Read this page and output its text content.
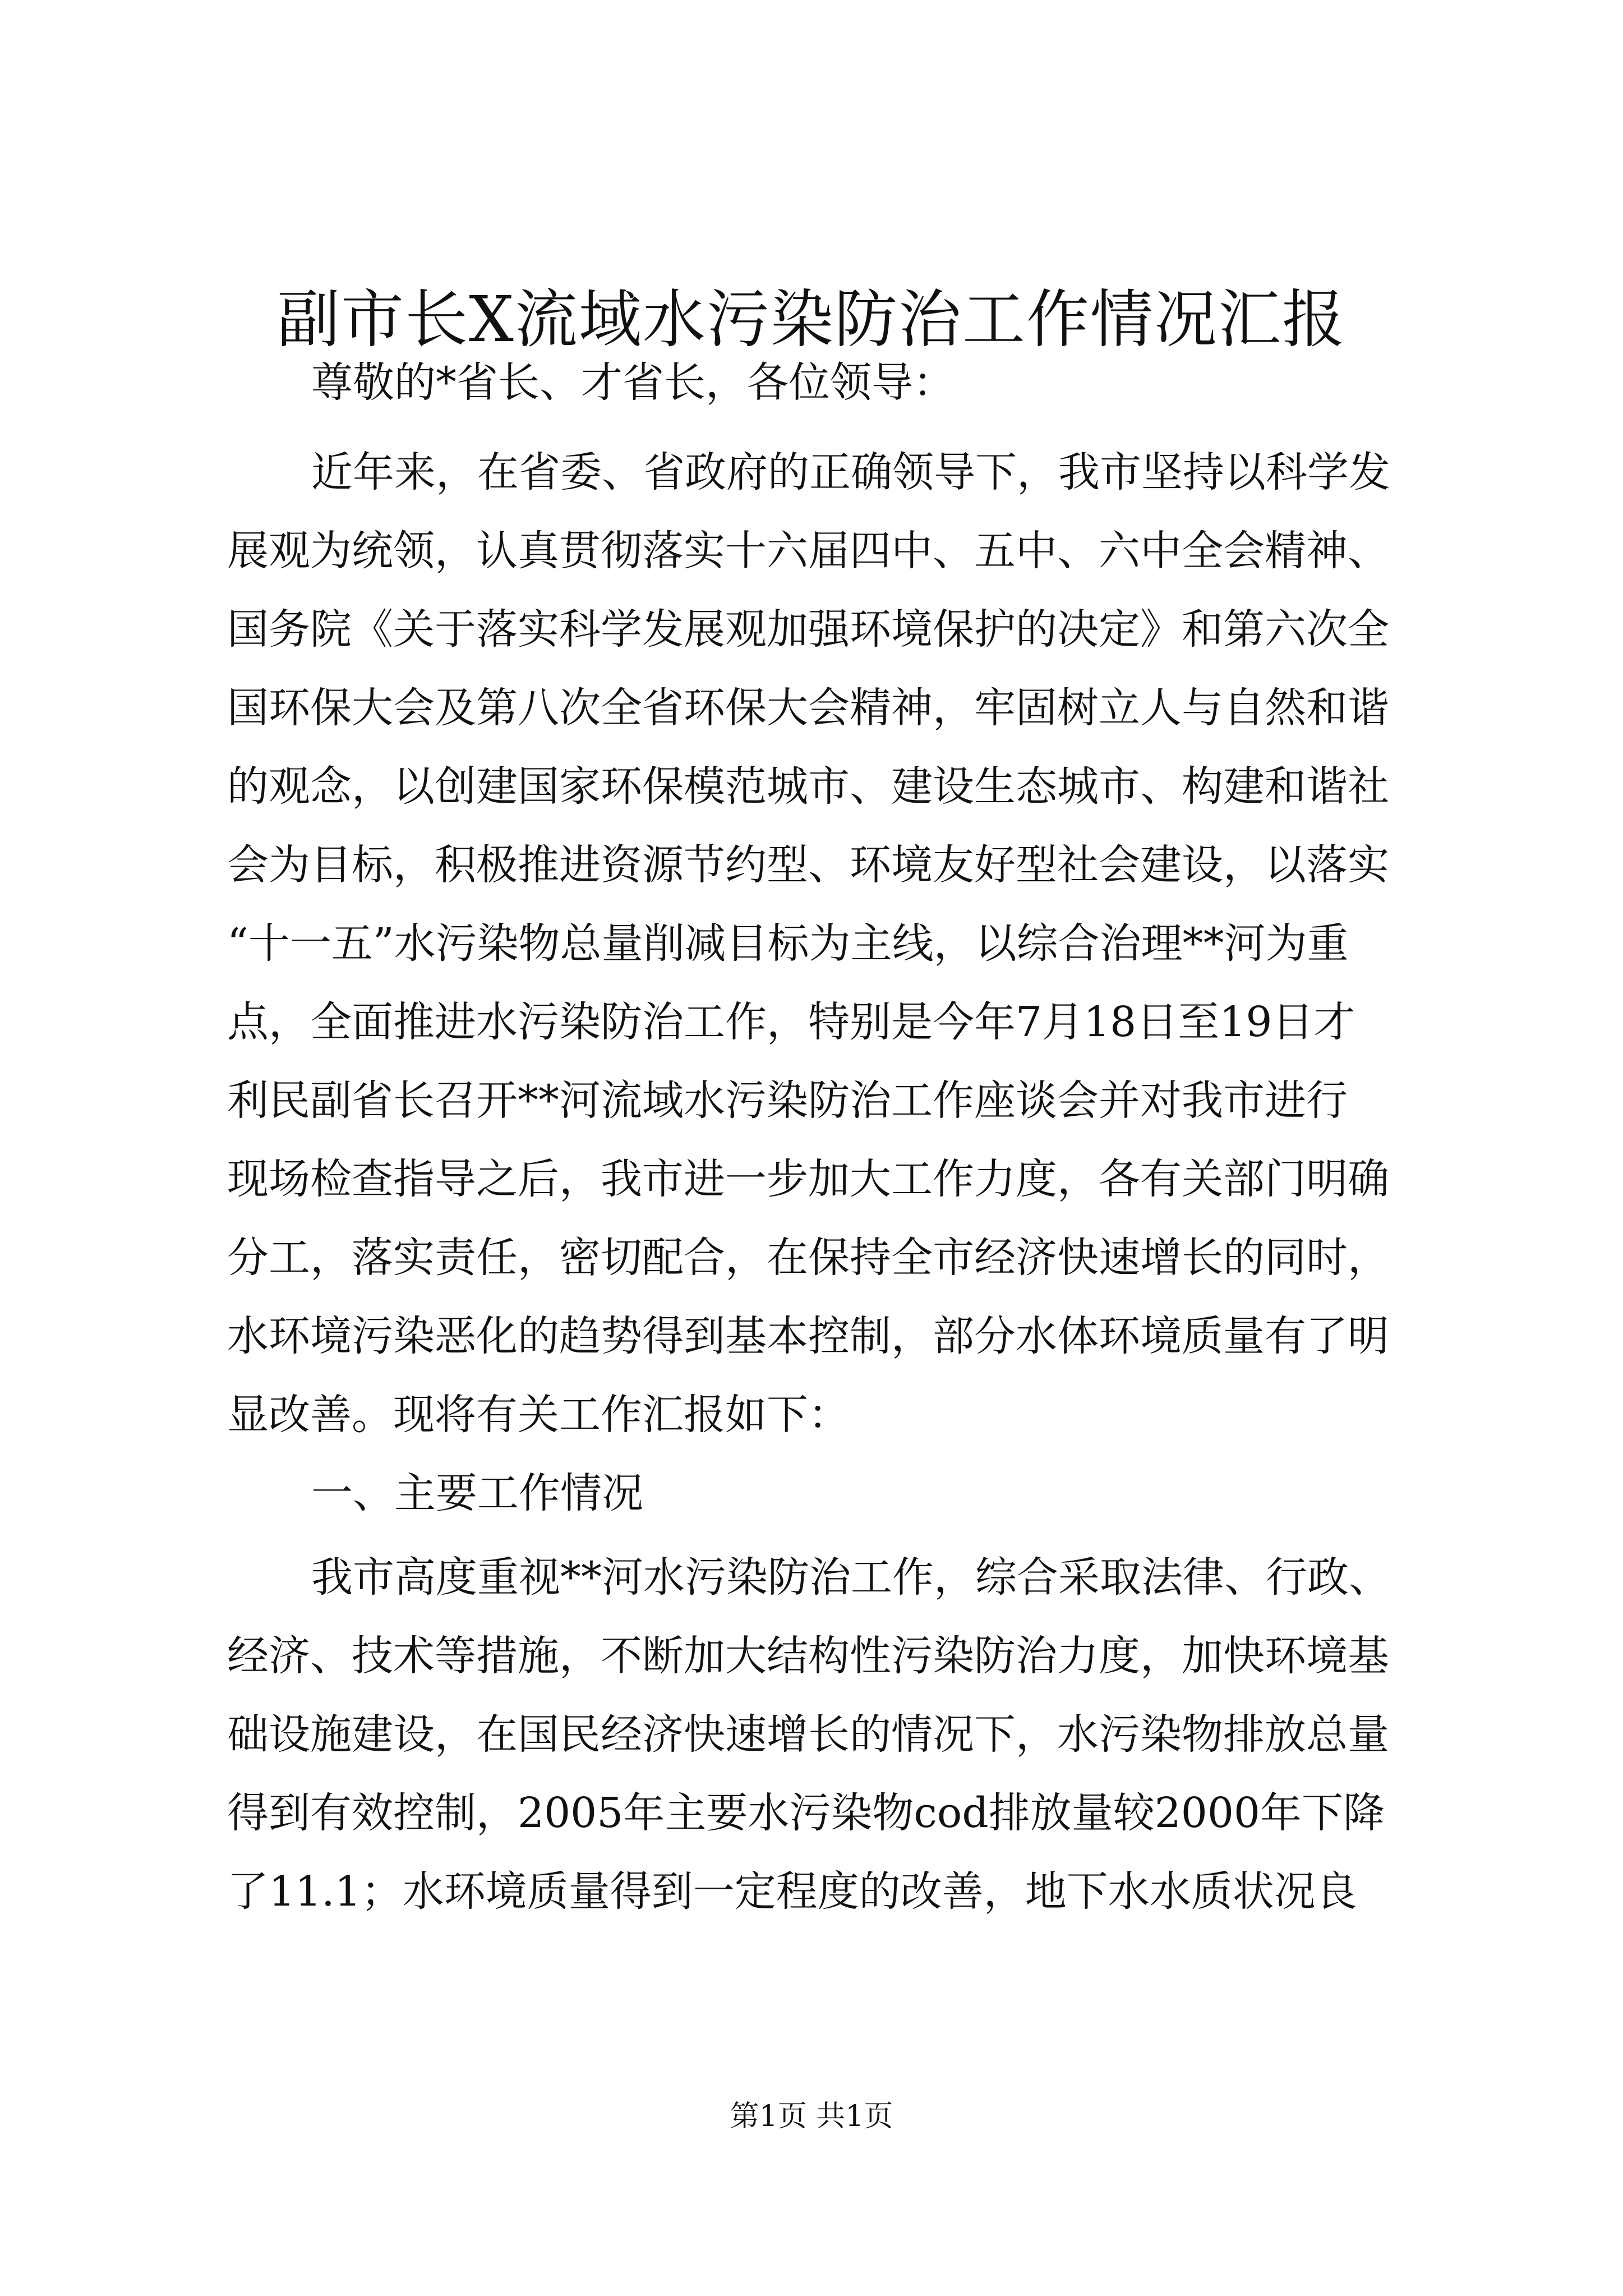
副市长X流域水污染防治工作情况汇报
尊敬的*省长、才省长，各位领导：
近年来，在省委、省政府的正确领导下，我市坚持以科学发
展观为统领，认真贯彻落实十六届四中、五中、六中全会精神、
国务院《关于落实科学发展观加强环境保护的决定》和第六次全
国环保大会及第八次全省环保大会精神，牢固树立人与自然和谐
的观念，以创建国家环保模范城市、建设生态城市、构建和谐社
会为目标，积极推进资源节约型、环境友好型社会建设，以落实
“十一五”水污染物总量削减目标为主线，以综合治理**河为重
点，全面推进水污染防治工作，特别是今年7月18日至19日才
利民副省长召开**河流域水污染防治工作座谈会并对我市进行
现场检查指导之后，我市进一步加大工作力度，各有关部门明确
分工，落实责任，密切配合，在保持全市经济快速增长的同时，
水环境污染恶化的趋势得到基本控制，部分水体环境质量有了明
显改善。现将有关工作汇报如下：
一、主要工作情况
我市高度重视**河水污染防治工作，综合采取法律、行政、
经济、技术等措施，不断加大结构性污染防治力度，加快环境基
础设施建设，在国民经济快速增长的情况下，水污染物排放总量
得到有效控制，2005年主要水污染物cod排放量较2000年下降
了11.1；水环境质量得到一定程度的改善，地下水水质状况良
第1页 共1页
